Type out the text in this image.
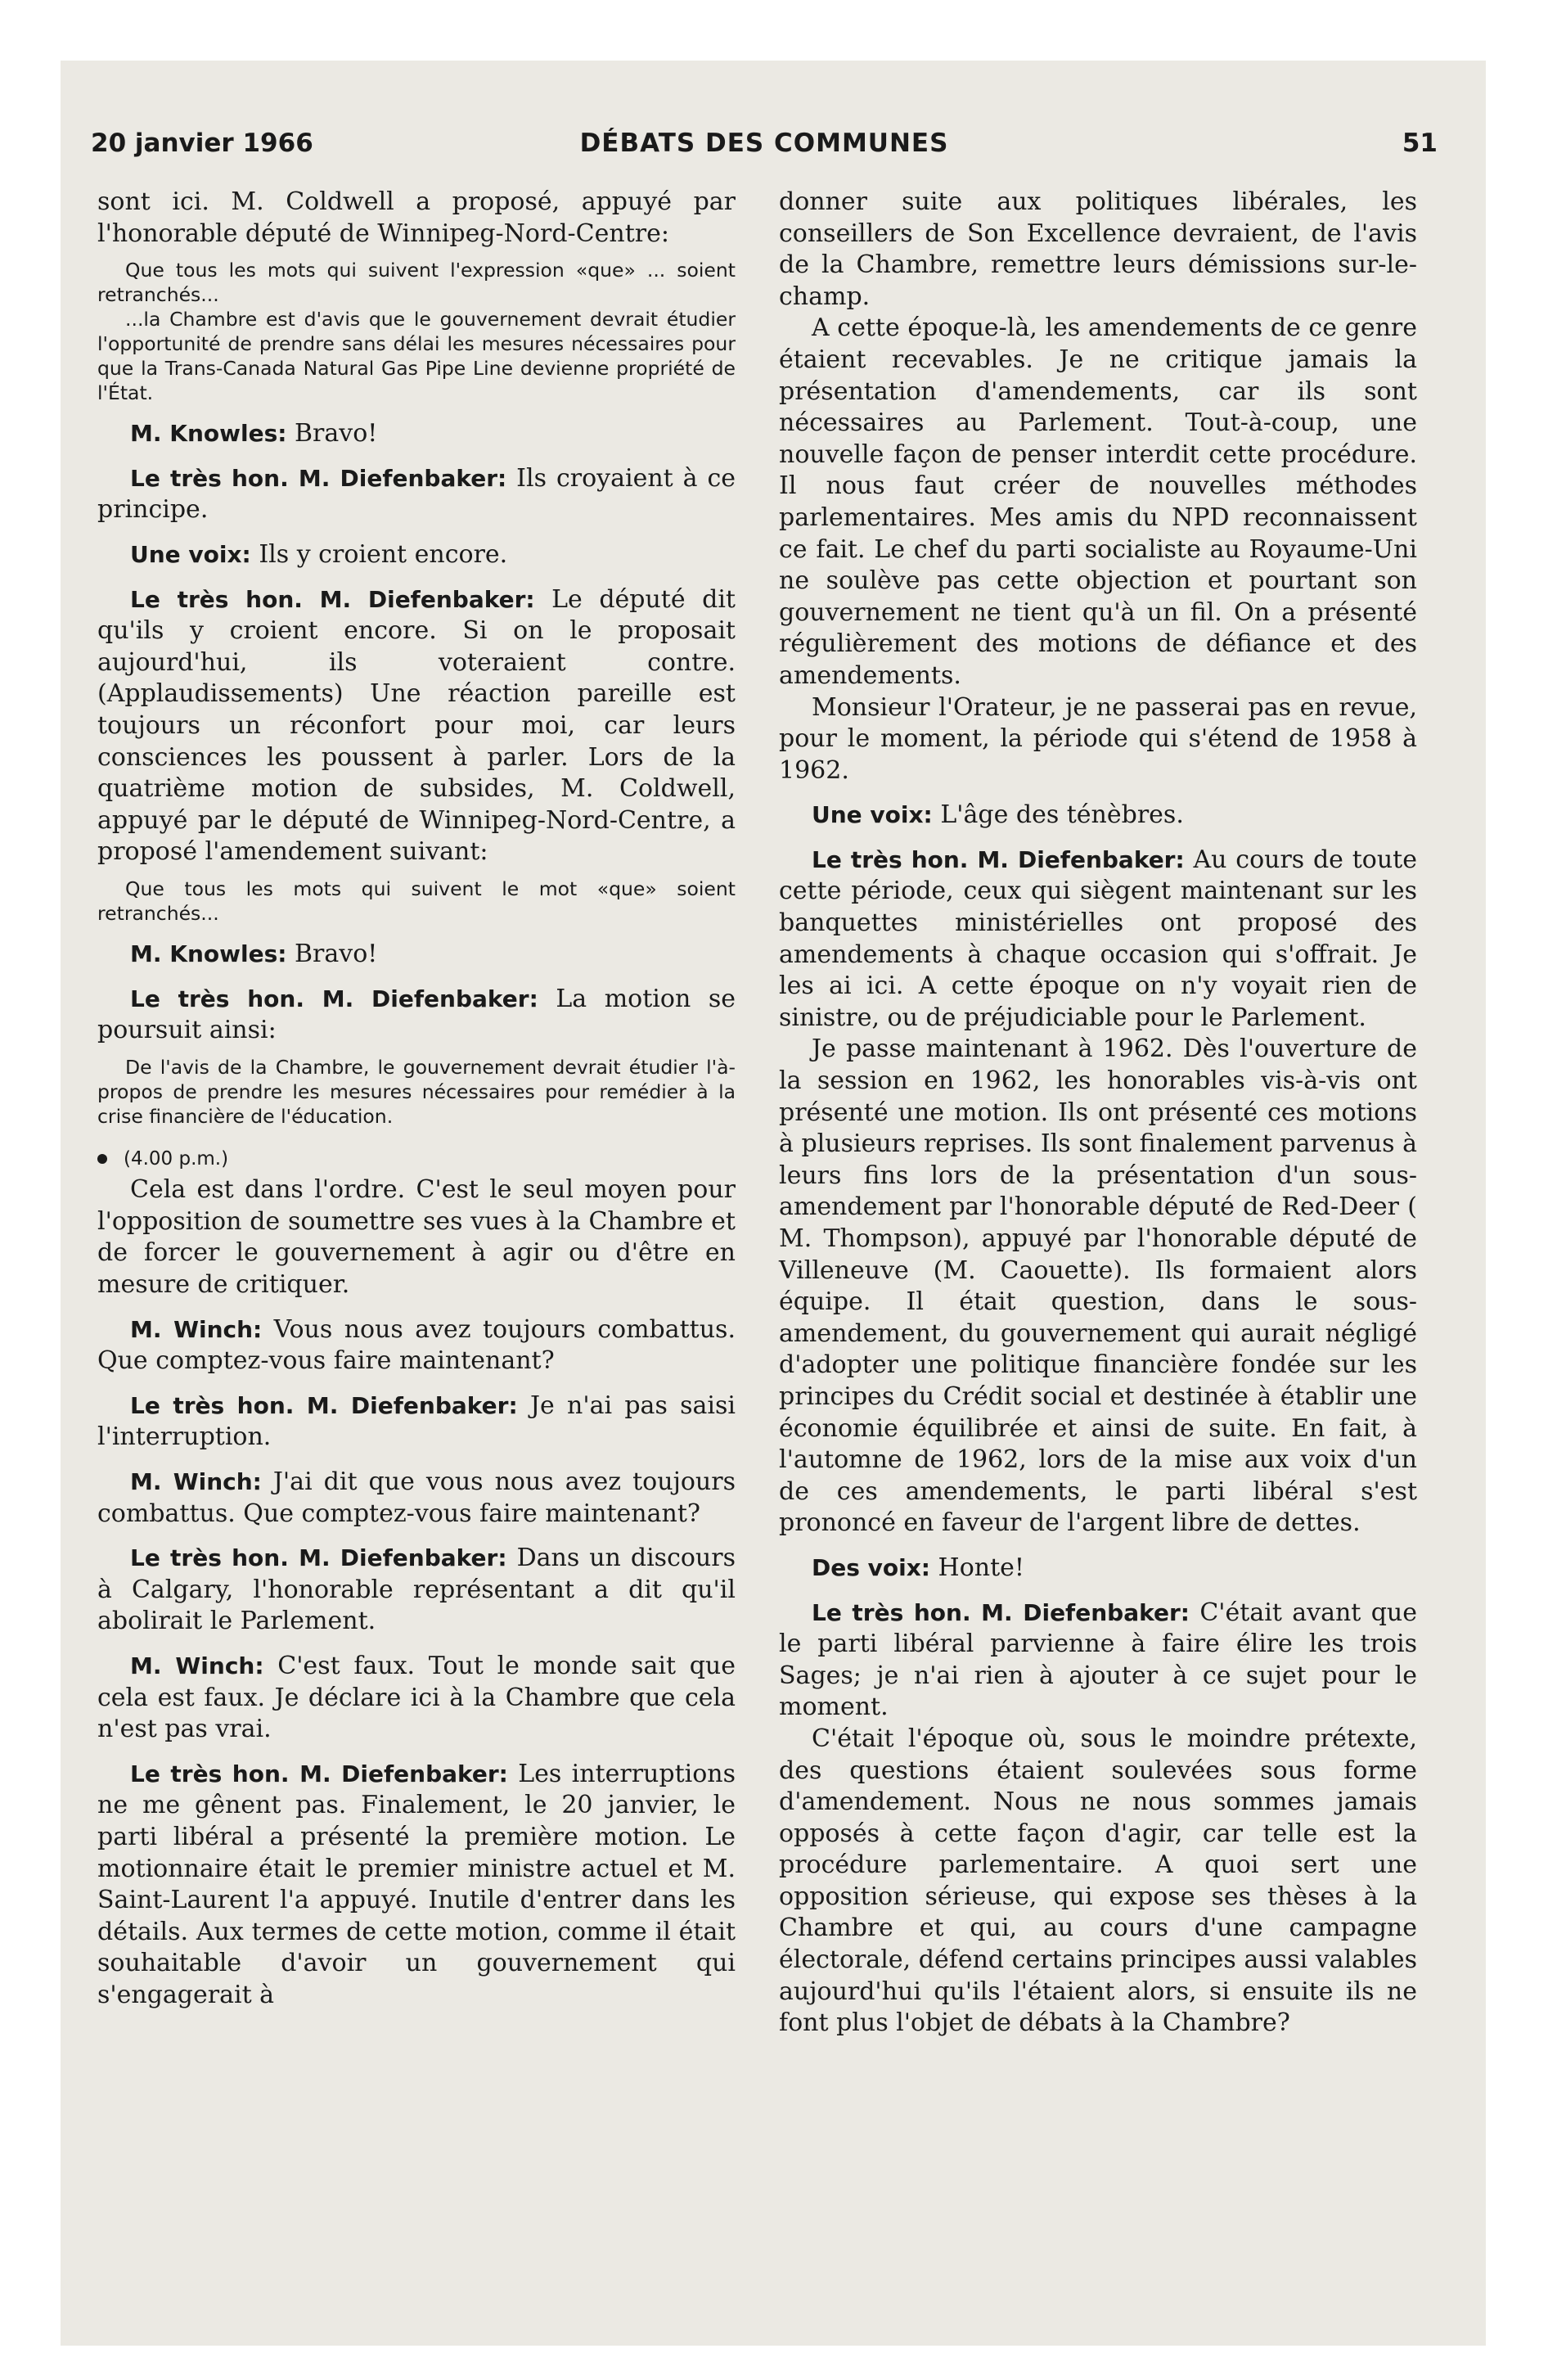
20 janvier 1966	DÉBATS DES COMMUNES	51

sont ici. M. Coldwell a proposé, appuyé par l'honorable député de Winnipeg-Nord-Centre:

Que tous les mots qui suivent l'expression «que» ... soient retranchés...

...la Chambre est d'avis que le gouvernement devrait étudier l'opportunité de prendre sans délai les mesures nécessaires pour que la Trans-Canada Natural Gas Pipe Line devienne propriété de l'État.

M. Knowles: Bravo!

Le très hon. M. Diefenbaker: Ils croyaient à ce principe.

Une voix: Ils y croient encore.

Le très hon. M. Diefenbaker: Le député dit qu'ils y croient encore. Si on le proposait aujourd'hui, ils voteraient contre. (Applaudissements) Une réaction pareille est toujours un réconfort pour moi, car leurs consciences les poussent à parler. Lors de la quatrième motion de subsides, M. Coldwell, appuyé par le député de Winnipeg-Nord-Centre, a proposé l'amendement suivant:

Que tous les mots qui suivent le mot «que» soient retranchés...

M. Knowles: Bravo!

Le très hon. M. Diefenbaker: La motion se poursuit ainsi:

De l'avis de la Chambre, le gouvernement devrait étudier l'à-propos de prendre les mesures nécessaires pour remédier à la crise financière de l'éducation.

(4.00 p.m.)

Cela est dans l'ordre. C'est le seul moyen pour l'opposition de soumettre ses vues à la Chambre et de forcer le gouvernement à agir ou d'être en mesure de critiquer.

M. Winch: Vous nous avez toujours combattus. Que comptez-vous faire maintenant?

Le très hon. M. Diefenbaker: Je n'ai pas saisi l'interruption.

M. Winch: J'ai dit que vous nous avez toujours combattus. Que comptez-vous faire maintenant?

Le très hon. M. Diefenbaker: Dans un discours à Calgary, l'honorable représentant a dit qu'il abolirait le Parlement.

M. Winch: C'est faux. Tout le monde sait que cela est faux. Je déclare ici à la Chambre que cela n'est pas vrai.

Le très hon. M. Diefenbaker: Les interruptions ne me gênent pas. Finalement, le 20 janvier, le parti libéral a présenté la première motion. Le motionnaire était le premier ministre actuel et M. Saint-Laurent l'a appuyé. Inutile d'entrer dans les détails. Aux termes de cette motion, comme il était souhaitable d'avoir un gouvernement qui s'engagerait à

donner suite aux politiques libérales, les conseillers de Son Excellence devraient, de l'avis de la Chambre, remettre leurs démissions sur-le-champ.

A cette époque-là, les amendements de ce genre étaient recevables. Je ne critique jamais la présentation d'amendements, car ils sont nécessaires au Parlement. Tout-à-coup, une nouvelle façon de penser interdit cette procédure. Il nous faut créer de nouvelles méthodes parlementaires. Mes amis du NPD reconnaissent ce fait. Le chef du parti socialiste au Royaume-Uni ne soulève pas cette objection et pourtant son gouvernement ne tient qu'à un fil. On a présenté régulièrement des motions de défiance et des amendements.

Monsieur l'Orateur, je ne passerai pas en revue, pour le moment, la période qui s'étend de 1958 à 1962.

Une voix: L'âge des ténèbres.

Le très hon. M. Diefenbaker: Au cours de toute cette période, ceux qui siègent maintenant sur les banquettes ministérielles ont proposé des amendements à chaque occasion qui s'offrait. Je les ai ici. A cette époque on n'y voyait rien de sinistre, ou de préjudiciable pour le Parlement.

Je passe maintenant à 1962. Dès l'ouverture de la session en 1962, les honorables vis-à-vis ont présenté une motion. Ils ont présenté ces motions à plusieurs reprises. Ils sont finalement parvenus à leurs fins lors de la présentation d'un sous-amendement par l'honorable député de Red-Deer ( M. Thompson), appuyé par l'honorable député de Villeneuve (M. Caouette). Ils formaient alors équipe. Il était question, dans le sous-amendement, du gouvernement qui aurait négligé d'adopter une politique financière fondée sur les principes du Crédit social et destinée à établir une économie équilibrée et ainsi de suite. En fait, à l'automne de 1962, lors de la mise aux voix d'un de ces amendements, le parti libéral s'est prononcé en faveur de l'argent libre de dettes.

Des voix: Honte!

Le très hon. M. Diefenbaker: C'était avant que le parti libéral parvienne à faire élire les trois Sages; je n'ai rien à ajouter à ce sujet pour le moment.

C'était l'époque où, sous le moindre prétexte, des questions étaient soulevées sous forme d'amendement. Nous ne nous sommes jamais opposés à cette façon d'agir, car telle est la procédure parlementaire. A quoi sert une opposition sérieuse, qui expose ses thèses à la Chambre et qui, au cours d'une campagne électorale, défend certains principes aussi valables aujourd'hui qu'ils l'étaient alors, si ensuite ils ne font plus l'objet de débats à la Chambre?
